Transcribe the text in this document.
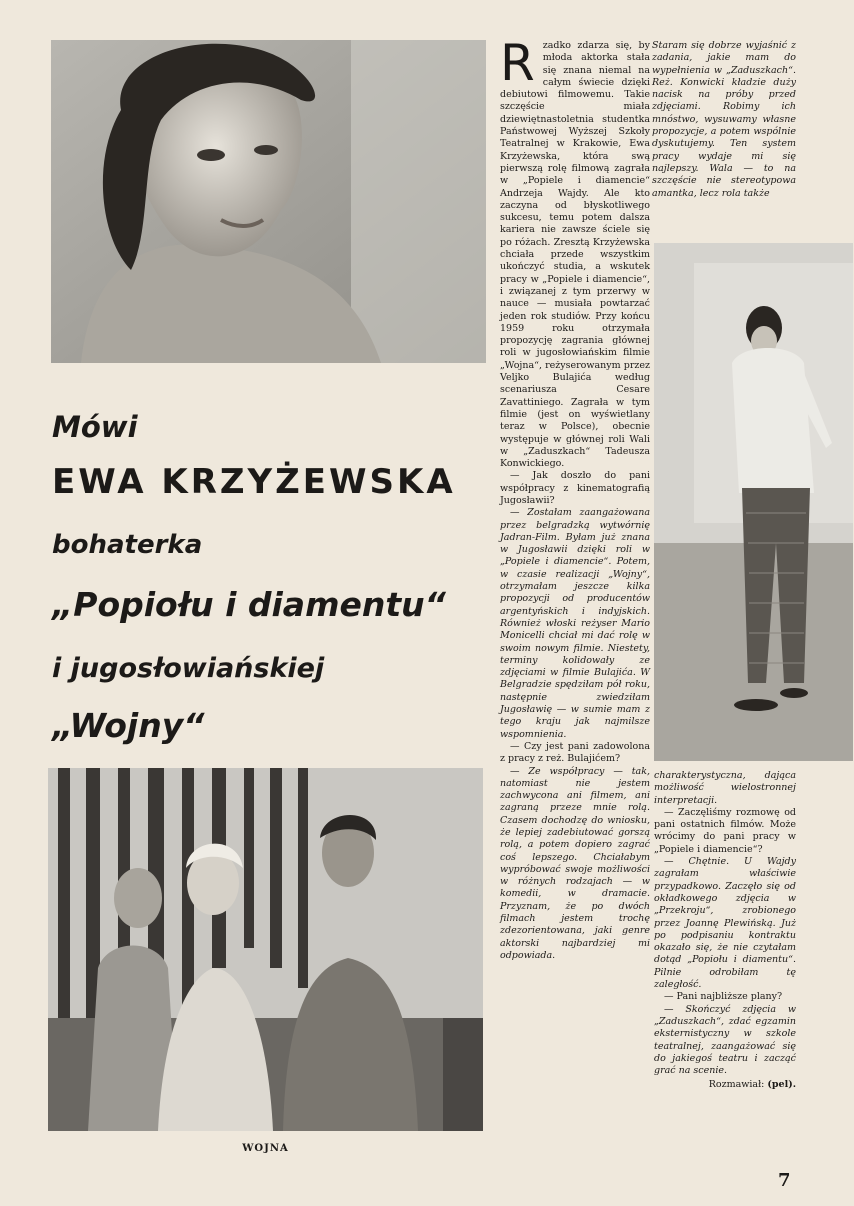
Mówi
EWA KRZYŻEWSKA
bohaterka
„Popiołu i diamentu“
i jugosłowiańskiej
„Wojny“
WOJNA

Rzadko zdarza się, by młoda aktorka stała się znana niemal na całym świecie dzięki debiutowi filmowemu. Takie szczęście miała dziewiętnastoletnia studentka Państwowej Wyższej Szkoły Teatralnej w Krakowie, Ewa Krzyżewska, która swą pierwszą rolę filmową zagrała w „Popiele i diamencie“ Andrzeja Wajdy. Ale kto zaczyna od błyskotliwego sukcesu, temu potem dalsza kariera nie zawsze ściele się po różach. Zresztą Krzyżewska chciała przede wszystkim ukończyć studia, a wskutek pracy w „Popiele i diamencie“, i związanej z tym przerwy w nauce — musiała powtarzać jeden rok studiów. Przy końcu 1959 roku otrzymała propozycję zagrania głównej roli w jugosłowiańskim filmie „Wojna“, reżyserowanym przez Veljko Bulajića według scenariusza Cesare Zavattiniego. Zagrała w tym filmie (jest on wyświetlany teraz w Polsce), obecnie występuje w głównej roli Wali w „Zaduszkach“ Tadeusza Konwickiego.

— Jak doszło do pani współpracy z kinematografią Jugosławii?

— Zostałam zaangażowana przez belgradzką wytwórnię Jadran-Film. Byłam już znana w Jugosławii dzięki roli w „Popiele i diamencie“. Potem, w czasie realizacji „Wojny“, otrzymałam jeszcze kilka propozycji od producentów argentyńskich i indyjskich. Również włoski reżyser Mario Monicelli chciał mi dać rolę w swoim nowym filmie. Niestety, terminy kolidowały ze zdjęciami w filmie Bulajića. W Belgradzie spędziłam pół roku, następnie zwiedziłam Jugosławię — w sumie mam z tego kraju jak najmilsze wspomnienia.

— Czy jest pani zadowolona z pracy z reż. Bulajićem?

— Ze współpracy — tak, natomiast nie jestem zachwycona ani filmem, ani zagraną przeze mnie rolą. Czasem dochodzę do wniosku, że lepiej zadebiutować gorszą rolą, a potem dopiero zagrać coś lepszego. Chciałabym wypróbować swoje możliwości w różnych rodzajach — w komedii, w dramacie. Przyznam, że po dwóch filmach jestem trochę zdezorientowana, jaki genre aktorski najbardziej mi odpowiada.

Staram się dobrze wyjaśnić z zadania, jakie mam do wypełnienia w „Zaduszkach“. Reż. Konwicki kładzie duży nacisk na próby przed zdjęciami. Robimy ich mnóstwo, wysuwamy własne propozycje, a potem wspólnie dyskutujemy. Ten system pracy wydaje mi się najlepszy. Wala — to na szczęście nie stereotypowa amantka, lecz rola także

charakterystyczna, dająca możliwość wielostronnej interpretacji.

— Zaczęliśmy rozmowę od pani ostatnich filmów. Może wrócimy do pani pracy w „Popiele i diamencie“?

— Chętnie. U Wajdy zagrałam właściwie przypadkowo. Zaczęło się od okładkowego zdjęcia w „Przekroju“, zrobionego przez Joannę Plewińską. Już po podpisaniu kontraktu okazało się, że nie czytałam dotąd „Popiołu i diamentu“. Pilnie odrobiłam tę zaległość.

— Pani najbliższe plany?

— Skończyć zdjęcia w „Zaduszkach“, zdać egzamin eksternistyczny w szkole teatralnej, zaangażować się do jakiegoś teatru i zacząć grać na scenie.

Rozmawiał: (pel).
7
